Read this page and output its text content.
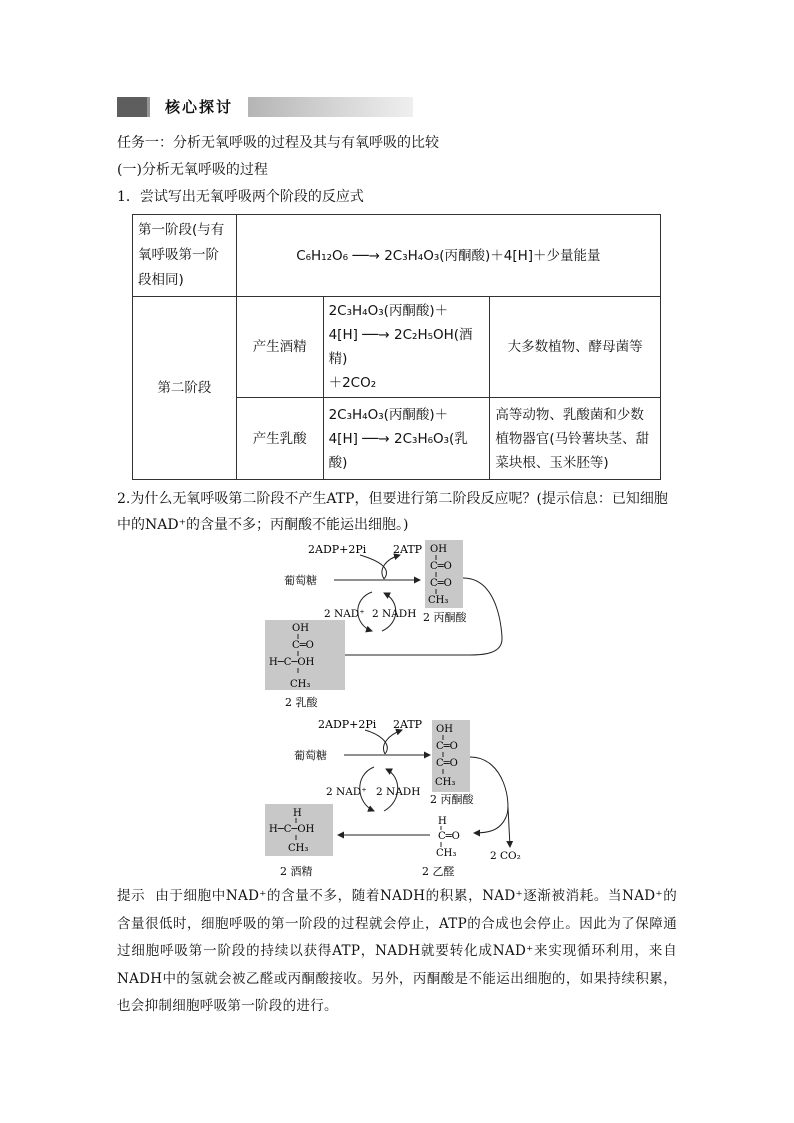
核心探讨
任务一：分析无氧呼吸的过程及其与有氧呼吸的比较
(一)分析无氧呼吸的过程
1．尝试写出无氧呼吸两个阶段的反应式
第一阶段(与有氧呼吸第一阶段相同)	C₆H₁₂O₆ ──→ 2C₃H₄O₃(丙酮酸)＋4[H]＋少量能量		
第二阶段	产生酒精	2C₃H₄O₃(丙酮酸)＋
4[H] ──→ 2C₂H₅OH(酒精)
＋2CO₂	大多数植物、酵母菌等
	产生乳酸	2C₃H₄O₃(丙酮酸)＋
4[H] ──→ 2C₃H₆O₃(乳酸)	高等动物、乳酸菌和少数植物器官(马铃薯块茎、甜菜块根、玉米胚等)
2.为什么无氧呼吸第二阶段不产生ATP，但要进行第二阶段反应呢？(提示信息：已知细胞中的NAD⁺的含量不多；丙酮酸不能运出细胞。)
2ADP+2Pi 2ATP
葡萄糖
OH
C═O
C═O
CH₃
2 NAD⁺ 2 NADH 2 丙酮酸
OH
C═O
H─C─OH
CH₃
2 乳酸
2ADP+2Pi 2ATP
葡萄糖
OH
C═O
C═O
CH₃
2 丙酮酸
2 CO₂
H
C═O
CH₃
2 乙醛
2 NAD⁺ 2 NADH
H
H─C─OH
CH₃
2 酒精
提示 由于细胞中NAD⁺的含量不多，随着NADH的积累，NAD⁺逐渐被消耗。当NAD⁺的含量很低时，细胞呼吸的第一阶段的过程就会停止，ATP的合成也会停止。因此为了保障通过细胞呼吸第一阶段的持续以获得ATP，NADH就要转化成NAD⁺来实现循环利用，来自NADH中的氢就会被乙醛或丙酮酸接收。另外，丙酮酸是不能运出细胞的，如果持续积累，也会抑制细胞呼吸第一阶段的进行。
